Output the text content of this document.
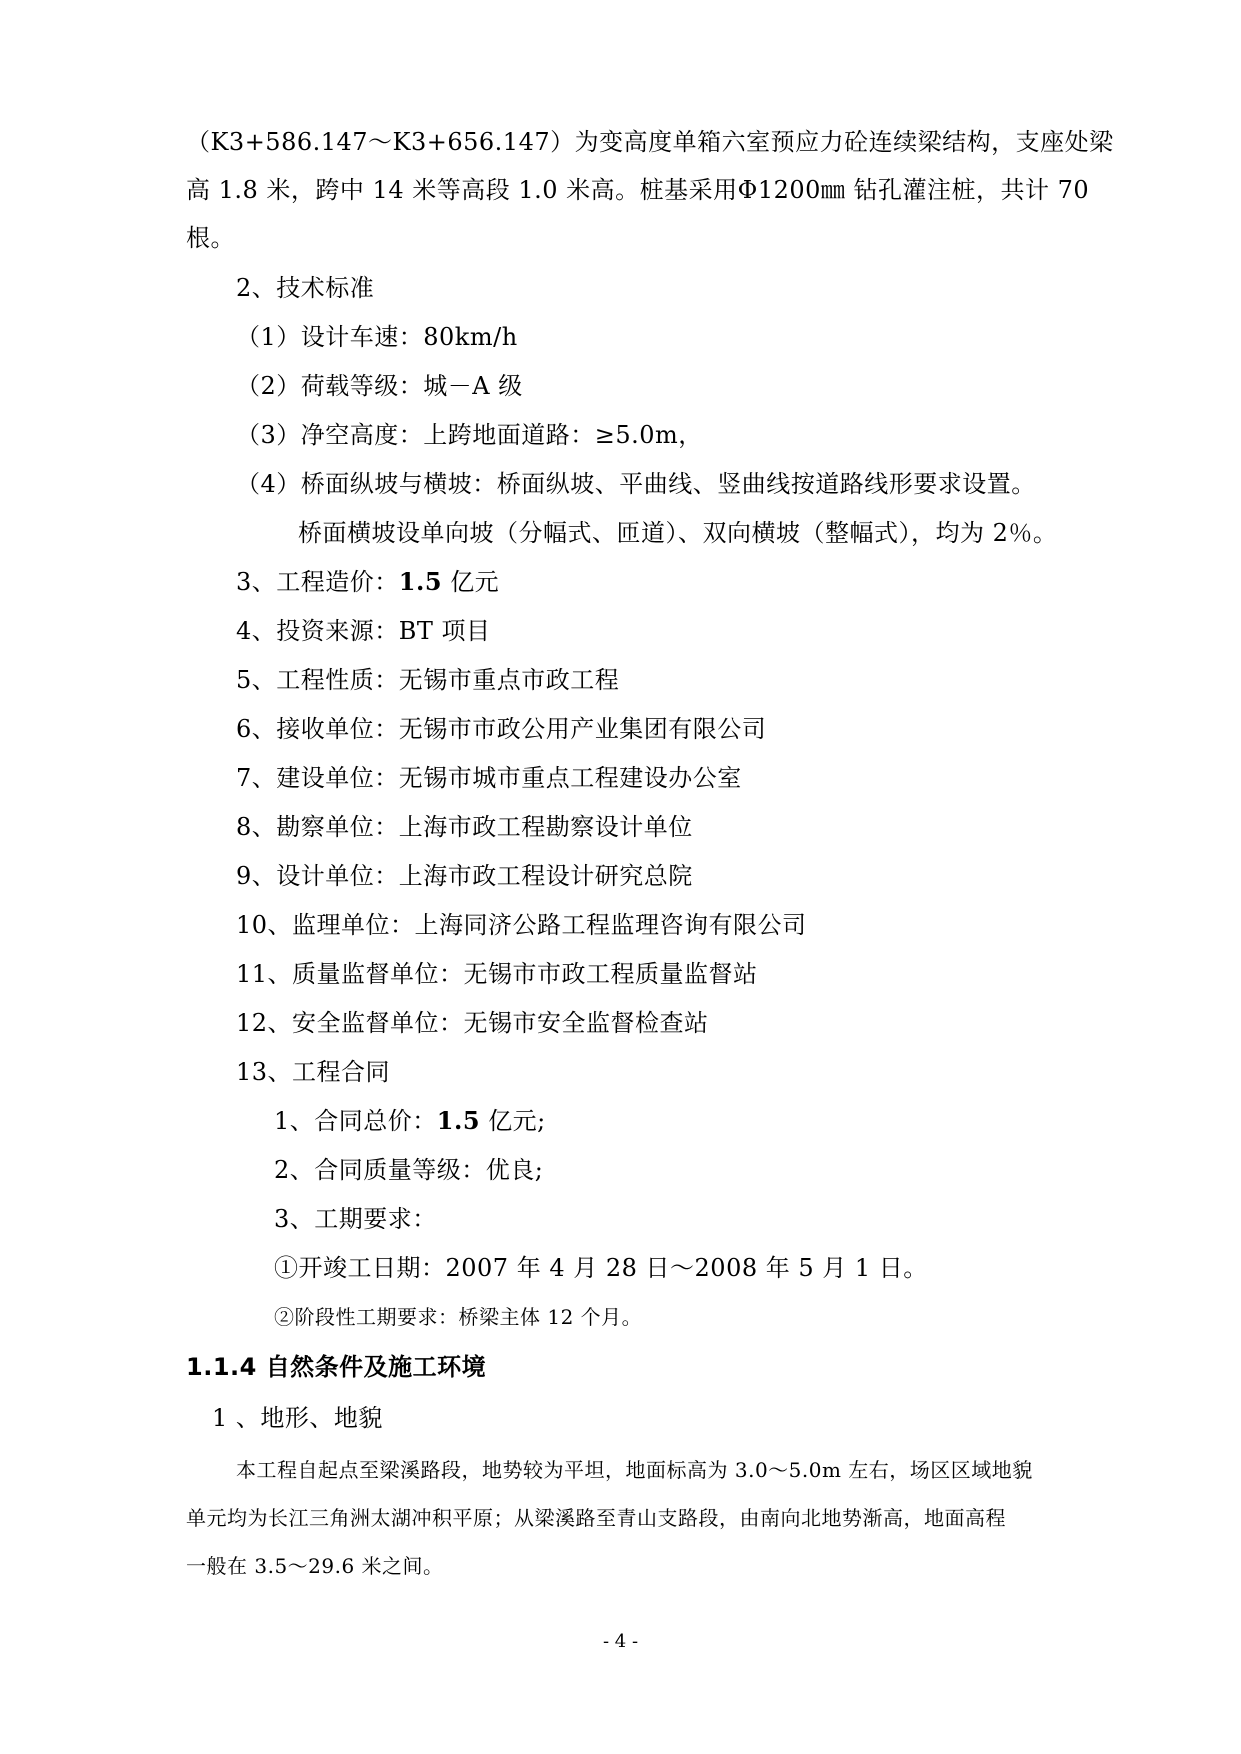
（K3+586.147～K3+656.147）为变高度单箱六室预应力砼连续梁结构，支座处梁
高 1.8 米，跨中 14 米等高段 1.0 米高。桩基采用Φ1200㎜ 钻孔灌注桩，共计 70
根。
2、技术标准
（1）设计车速：80km/h
（2）荷载等级：城－A 级
（3）净空高度：上跨地面道路：≥5.0m，
（4）桥面纵坡与横坡：桥面纵坡、平曲线、竖曲线按道路线形要求设置。
桥面横坡设单向坡（分幅式、匝道）、双向横坡（整幅式），均为 2％。
3、工程造价：1.5 亿元
4、投资来源：BT 项目
5、工程性质：无锡市重点市政工程
6、接收单位：无锡市市政公用产业集团有限公司
7、建设单位：无锡市城市重点工程建设办公室
8、勘察单位：上海市政工程勘察设计单位
9、设计单位：上海市政工程设计研究总院
10、监理单位：上海同济公路工程监理咨询有限公司
11、质量监督单位：无锡市市政工程质量监督站
12、安全监督单位：无锡市安全监督检查站
13、工程合同
1、合同总价：1.5 亿元;
2、合同质量等级：优良;
3、工期要求：
①开竣工日期：2007 年 4 月 28 日～2008 年 5 月 1 日。
②阶段性工期要求：桥梁主体 12 个月。
1.1.4 自然条件及施工环境
1 、地形、地貌
本工程自起点至梁溪路段，地势较为平坦，地面标高为 3.0～5.0m 左右，场区区域地貌
单元均为长江三角洲太湖冲积平原；从梁溪路至青山支路段，由南向北地势渐高，地面高程
一般在 3.5～29.6 米之间。
- 4 -
